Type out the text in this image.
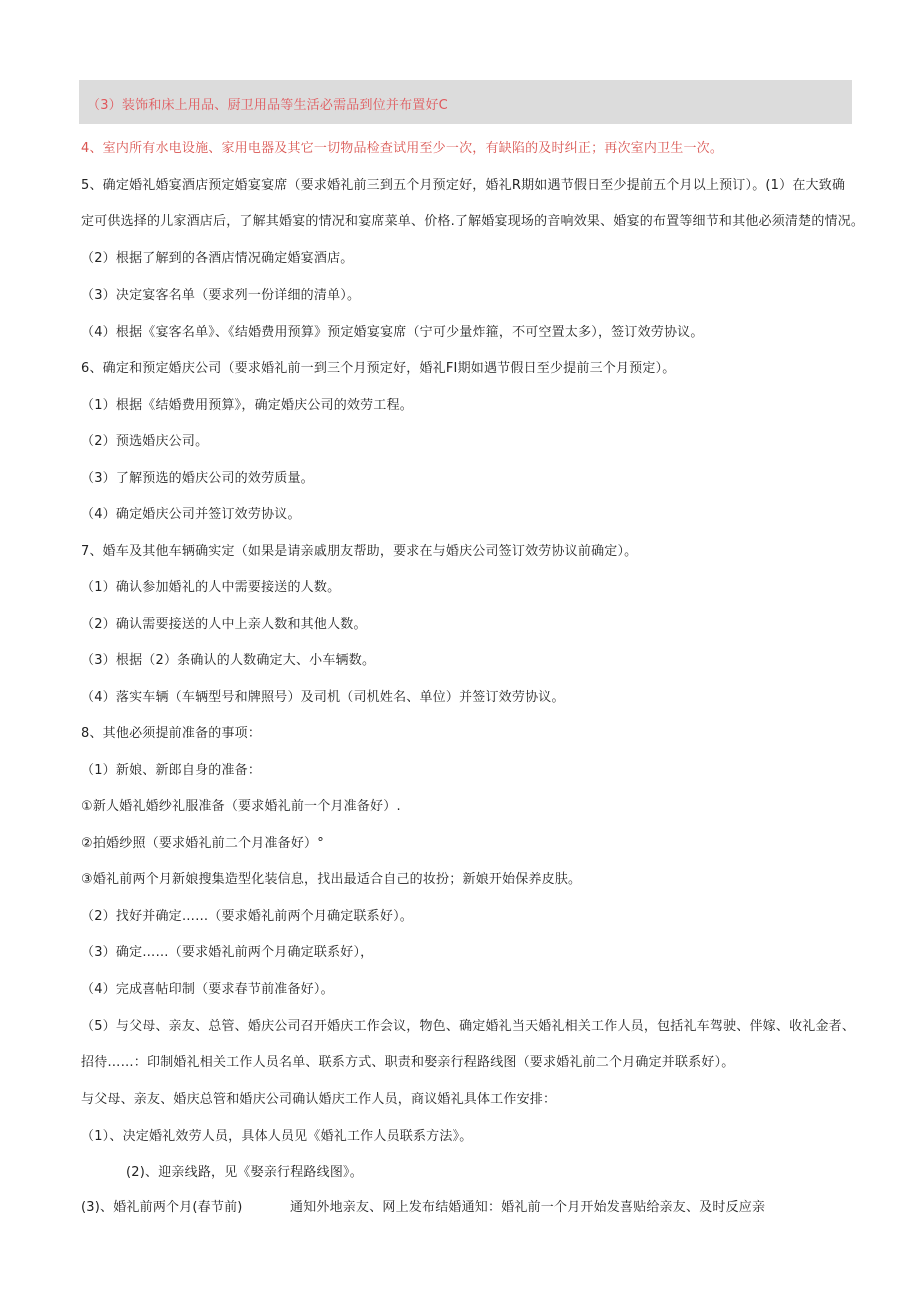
（3）装饰和床上用品、厨卫用品等生活必需品到位并布置好C
4、室内所有水电设施、家用电器及其它一切物品检查试用至少一次，有缺陷的及时纠正；再次室内卫生一次。
5、确定婚礼婚宴酒店预定婚宴宴席（要求婚礼前三到五个月预定好，婚礼R期如遇节假日至少提前五个月以上预订）。(1）在大致确
定可供选择的儿家酒店后，了解其婚宴的情况和宴席菜单、价格.了解婚宴现场的音响效果、婚宴的布置等细节和其他必须清楚的情况。
（2）根据了解到的各酒店情况确定婚宴酒店。
（3）决定宴客名单（要求列一份详细的清单）。
（4）根据《宴客名单》、《结婚费用预算》预定婚宴宴席（宁可少量炸箍，不可空置太多），签订效劳协议。
6、确定和预定婚庆公司（要求婚礼前一到三个月预定好，婚礼FI期如遇节假日至少提前三个月预定）。
（1）根据《结婚费用预算》，确定婚庆公司的效劳工程。
（2）预选婚庆公司。
（3）了解预选的婚庆公司的效劳质量。
（4）确定婚庆公司并签订效劳协议。
7、婚车及其他车辆确实定（如果是请亲戚朋友帮助，要求在与婚庆公司签订效劳协议前确定）。
（1）确认参加婚礼的人中需要接送的人数。
（2）确认需要接送的人中上亲人数和其他人数。
（3）根据（2）条确认的人数确定大、小车辆数。
（4）落实车辆（车辆型号和牌照号）及司机（司机姓名、单位）并签订效劳协议。
8、其他必须提前准备的事项：
（1）新娘、新郎自身的准备：
①新人婚礼婚纱礼服准备（要求婚礼前一个月准备好）.
②拍婚纱照（要求婚礼前二个月准备好）°
③婚礼前两个月新娘搜集造型化装信息，找出最适合自己的妆扮；新娘开始保养皮肤。
（2）找好并确定……（要求婚礼前两个月确定联系好）。
（3）确定……（要求婚礼前两个月确定联系好），
（4）完成喜帖印制（要求春节前准备好）。
（5）与父母、亲友、总管、婚庆公司召开婚庆工作会议，物色、确定婚礼当天婚礼相关工作人员，包括礼车驾驶、伴嫁、收礼金者、
招待……：印制婚礼相关工作人员名单、联系方式、职责和娶亲行程路线图（要求婚礼前二个月确定并联系好）。
与父母、亲友、婚庆总管和婚庆公司确认婚庆工作人员，商议婚礼具体工作安排：
（1）、决定婚礼效劳人员，具体人员见《婚礼工作人员联系方法》。
(2)、迎亲线路，见《娶亲行程路线图》。
(3)、婚礼前两个月(春节前)	通知外地亲友、网上发布结婚通知：婚礼前一个月开始发喜贴给亲友、及时反应亲
